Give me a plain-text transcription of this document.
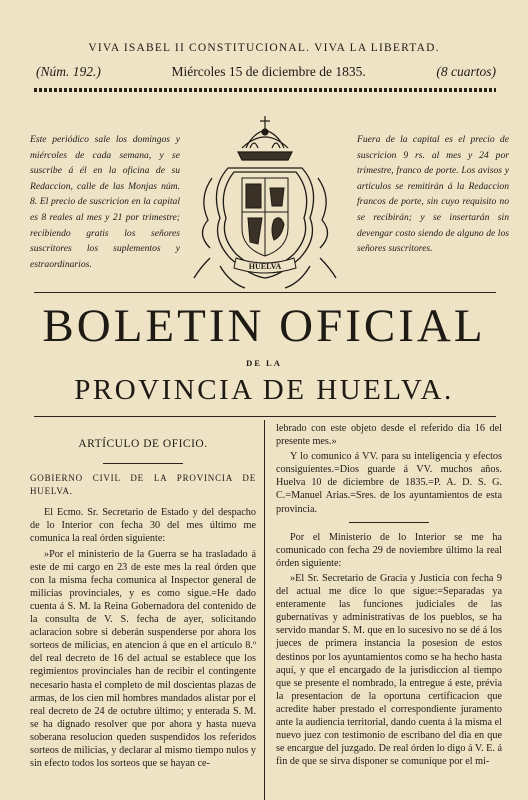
VIVA ISABEL II CONSTITUCIONAL. VIVA LA LIBERTAD.
(Núm. 192.)	Miércoles 15 de diciembre de 1835.	(8 cuartos)
Este periódico sale los domingos y miércoles de cada semana, y se suscribe á él en la oficina de su Redaccion, calle de las Monjas núm. 8. El precio de suscricion en la capital es 8 reales al mes y 21 por trimestre; recibiendo gratis los señores suscritores los suplementos y estraordinarios.	HUELVA
Fuera de la capital es el precio de suscricion 9 rs. al mes y 24 por trimestre, franco de porte. Los avisos y artículos se remitirán á la Redaccion francos de porte, sin cuyo requisito no se recibirán; y se insertarán sin devengar costo siendo de alguno de los señores suscritores.
BOLETIN OFICIAL
DE LA
PROVINCIA DE HUELVA.

ARTÍCULO DE OFICIO.

GOBIERNO CIVIL DE LA PROVINCIA DE HUELVA.

El Ecmo. Sr. Secretario de Estado y del despacho de lo Interior con fecha 30 del mes último me comunica la real órden siguiente:

»Por el ministerio de la Guerra se ha trasladado á este de mi cargo en 23 de este mes la real órden que con la misma fecha comunica al Inspector general de milicias provinciales, y es como sigue.=He dado cuenta á S. M. la Reina Gobernadora del contenido de la consulta de V. S. fecha de ayer, solicitando aclaracion sobre si deberán suspenderse por ahora los sorteos de milicias, en atencion á que en el artículo 8.º del real decreto de 16 del actual se establece que los regimientos provinciales han de recibir el contingente necesario hasta el completo de mil doscientas plazas de armas, de los cien mil hombres mandados alistar por el real decreto de 24 de octubre último; y enterada S. M. se ha dignado resolver que por ahora y hasta nueva soberana resolucion queden suspendidos los referidos sorteos de milicias, y declarar al mismo tiempo nulos y sin efecto todos los sorteos que se hayan ce-

lebrado con este objeto desde el referido dia 16 del presente mes.»

Y lo comunico á VV. para su inteligencia y efectos consiguientes.=Dios guarde á VV. muchos años. Huelva 10 de diciembre de 1835.=P. A. D. S. G. C.=Manuel Arias.=Sres. de los ayuntamientos de esta provincia.

Por el Ministerio de lo Interior se me ha comunicado con fecha 29 de noviembre último la real órden siguiente:

»El Sr. Secretario de Gracia y Justicia con fecha 9 del actual me dice lo que sigue:=Separadas ya enteramente las funciones judiciales de las gubernativas y administrativas de los pueblos, se ha servido mandar S. M. que en lo sucesivo no se dé á los jueces de primera instancia la posesion de estos destinos por los ayuntamientos como se ha hecho hasta aquí, y que el encargado de la jurisdiccion al tiempo que se presente el nombrado, la entregue á este, prévia la presentacion de la oportuna certificacion que acredite haber prestado el correspondiente juramento ante la audiencia territorial, dando cuenta á la misma el nuevo juez con testimonio de escribano del dia en que se encargue del juzgado. De real órden lo digo á V. E. á fin de que se sirva disponer se comunique por el mi-
